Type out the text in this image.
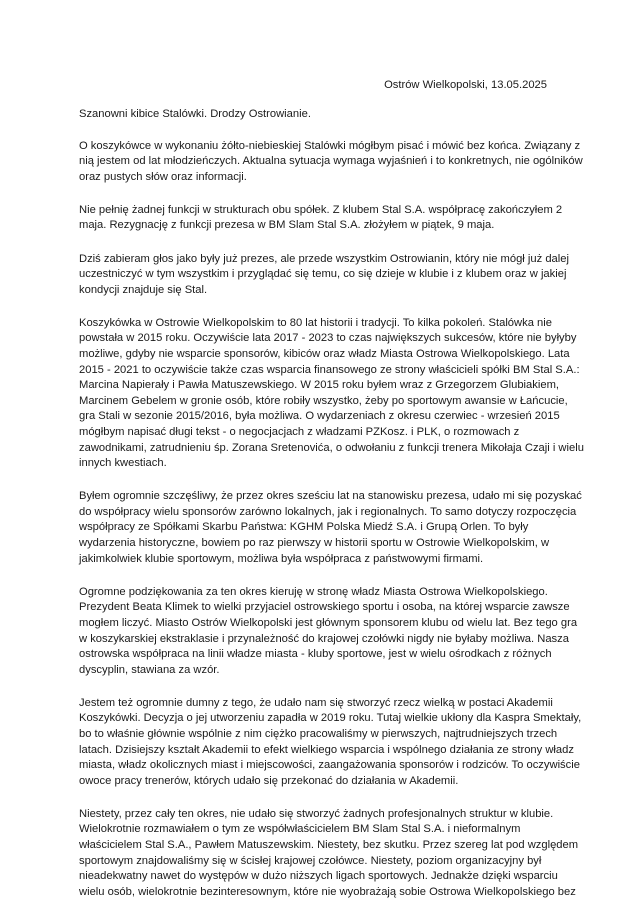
Ostrów Wielkopolski, 13.05.2025

Szanowni kibice Stalówki. Drodzy Ostrowianie.

O koszykówce w wykonaniu żółto-niebieskiej Stalówki mógłbym pisać i mówić bez końca. Związany z
nią jestem od lat młodzieńczych. Aktualna sytuacja wymaga wyjaśnień i to konkretnych, nie ogólników
oraz pustych słów oraz informacji.

Nie pełnię żadnej funkcji w strukturach obu spółek. Z klubem Stal S.A. współpracę zakończyłem 2
maja. Rezygnację z funkcji prezesa w BM Slam Stal S.A. złożyłem w piątek, 9 maja.

Dziś zabieram głos jako były już prezes, ale przede wszystkim Ostrowianin, który nie mógł już dalej
uczestniczyć w tym wszystkim i przyglądać się temu, co się dzieje w klubie i z klubem oraz w jakiej
kondycji znajduje się Stal.

Koszykówka w Ostrowie Wielkopolskim to 80 lat historii i tradycji. To kilka pokoleń. Stalówka nie
powstała w 2015 roku. Oczywiście lata 2017 - 2023 to czas największych sukcesów, które nie byłyby
możliwe, gdyby nie wsparcie sponsorów, kibiców oraz władz Miasta Ostrowa Wielkopolskiego. Lata
2015 - 2021 to oczywiście także czas wsparcia finansowego ze strony właścicieli spółki BM Stal S.A.:
Marcina Napierały i Pawła Matuszewskiego. W 2015 roku byłem wraz z Grzegorzem Glubiakiem,
Marcinem Gebelem w gronie osób, które robiły wszystko, żeby po sportowym awansie w Łańcucie,
gra Stali w sezonie 2015/2016, była możliwa. O wydarzeniach z okresu czerwiec - wrzesień 2015
mógłbym napisać długi tekst - o negocjacjach z władzami PZKosz. i PLK, o rozmowach z
zawodnikami, zatrudnieniu śp. Zorana Sretenovića, o odwołaniu z funkcji trenera Mikołaja Czaji i wielu
innych kwestiach.

Byłem ogromnie szczęśliwy, że przez okres sześciu lat na stanowisku prezesa, udało mi się pozyskać
do współpracy wielu sponsorów zarówno lokalnych, jak i regionalnych. To samo dotyczy rozpoczęcia
współpracy ze Spółkami Skarbu Państwa: KGHM Polska Miedź S.A. i Grupą Orlen. To były
wydarzenia historyczne, bowiem po raz pierwszy w historii sportu w Ostrowie Wielkopolskim, w
jakimkolwiek klubie sportowym, możliwa była współpraca z państwowymi firmami.

Ogromne podziękowania za ten okres kieruję w stronę władz Miasta Ostrowa Wielkopolskiego.
Prezydent Beata Klimek to wielki przyjaciel ostrowskiego sportu i osoba, na której wsparcie zawsze
mogłem liczyć. Miasto Ostrów Wielkopolski jest głównym sponsorem klubu od wielu lat. Bez tego gra
w koszykarskiej ekstraklasie i przynależność do krajowej czołówki nigdy nie byłaby możliwa. Nasza
ostrowska współpraca na linii władze miasta - kluby sportowe, jest w wielu ośrodkach z różnych
dyscyplin, stawiana za wzór.

Jestem też ogromnie dumny z tego, że udało nam się stworzyć rzecz wielką w postaci Akademii
Koszykówki. Decyzja o jej utworzeniu zapadła w 2019 roku. Tutaj wielkie ukłony dla Kaspra Smektały,
bo to właśnie głównie wspólnie z nim ciężko pracowaliśmy w pierwszych, najtrudniejszych trzech
latach. Dzisiejszy kształt Akademii to efekt wielkiego wsparcia i wspólnego działania ze strony władz
miasta, władz okolicznych miast i miejscowości, zaangażowania sponsorów i rodziców. To oczywiście
owoce pracy trenerów, których udało się przekonać do działania w Akademii.

Niestety, przez cały ten okres, nie udało się stworzyć żadnych profesjonalnych struktur w klubie.
Wielokrotnie rozmawiałem o tym ze współwłaścicielem BM Slam Stal S.A. i nieformalnym
właścicielem Stal S.A., Pawłem Matuszewskim. Niestety, bez skutku. Przez szereg lat pod względem
sportowym znajdowaliśmy się w ścisłej krajowej czołówce. Niestety, poziom organizacyjny był
nieadekwatny nawet do występów w dużo niższych ligach sportowych. Jednakże dzięki wsparciu
wielu osób, wielokrotnie bezinteresownym, które nie wyobrażają sobie Ostrowa Wielkopolskiego bez
